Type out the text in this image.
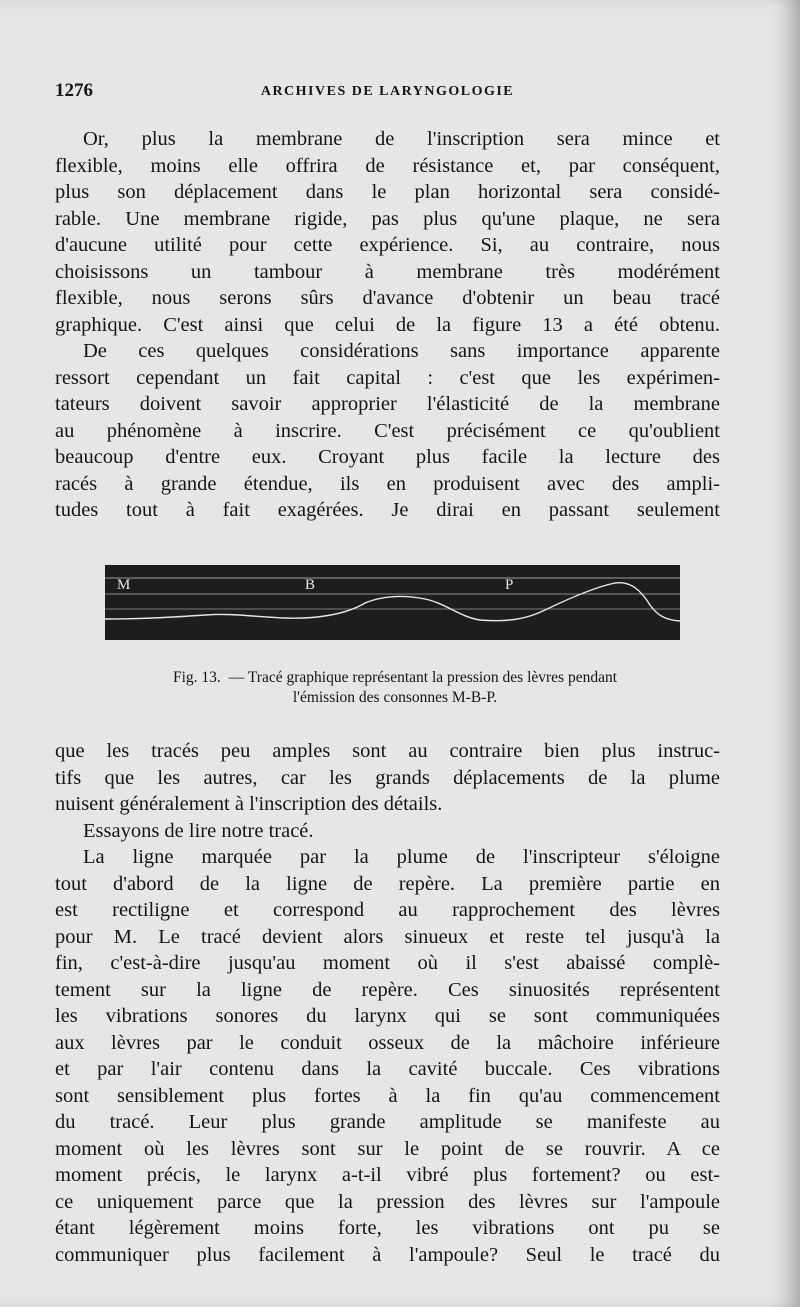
1276	ARCHIVES DE LARYNGOLOGIE
Or, plus la membrane de l'inscription sera mince et
flexible, moins elle offrira de résistance et, par conséquent,
plus son déplacement dans le plan horizontal sera considé-
rable. Une membrane rigide, pas plus qu'une plaque, ne sera
d'aucune utilité pour cette expérience. Si, au contraire, nous
choisissons un tambour à membrane très modérément
flexible, nous serons sûrs d'avance d'obtenir un beau tracé
graphique. C'est ainsi que celui de la figure 13 a été obtenu.
De ces quelques considérations sans importance apparente
ressort cependant un fait capital : c'est que les expérimen-
tateurs doivent savoir approprier l'élasticité de la membrane
au phénomène à inscrire. C'est précisément ce qu'oublient
beaucoup d'entre eux. Croyant plus facile la lecture des
racés à grande étendue, ils en produisent avec des ampli-
tudes tout à fait exagérées. Je dirai en passant seulement
M	B	P
Fig. 13. — Tracé graphique représentant la pression des lèvres pendant
l'émission des consonnes M-B-P.
que les tracés peu amples sont au contraire bien plus instruc-
tifs que les autres, car les grands déplacements de la plume
nuisent généralement à l'inscription des détails.
Essayons de lire notre tracé.
La ligne marquée par la plume de l'inscripteur s'éloigne
tout d'abord de la ligne de repère. La première partie en
est rectiligne et correspond au rapprochement des lèvres
pour M. Le tracé devient alors sinueux et reste tel jusqu'à la
fin, c'est-à-dire jusqu'au moment où il s'est abaissé complè-
tement sur la ligne de repère. Ces sinuosités représentent
les vibrations sonores du larynx qui se sont communiquées
aux lèvres par le conduit osseux de la mâchoire inférieure
et par l'air contenu dans la cavité buccale. Ces vibrations
sont sensiblement plus fortes à la fin qu'au commencement
du tracé. Leur plus grande amplitude se manifeste au
moment où les lèvres sont sur le point de se rouvrir. A ce
moment précis, le larynx a-t-il vibré plus fortement? ou est-
ce uniquement parce que la pression des lèvres sur l'ampoule
étant légèrement moins forte, les vibrations ont pu se
communiquer plus facilement à l'ampoule? Seul le tracé du
